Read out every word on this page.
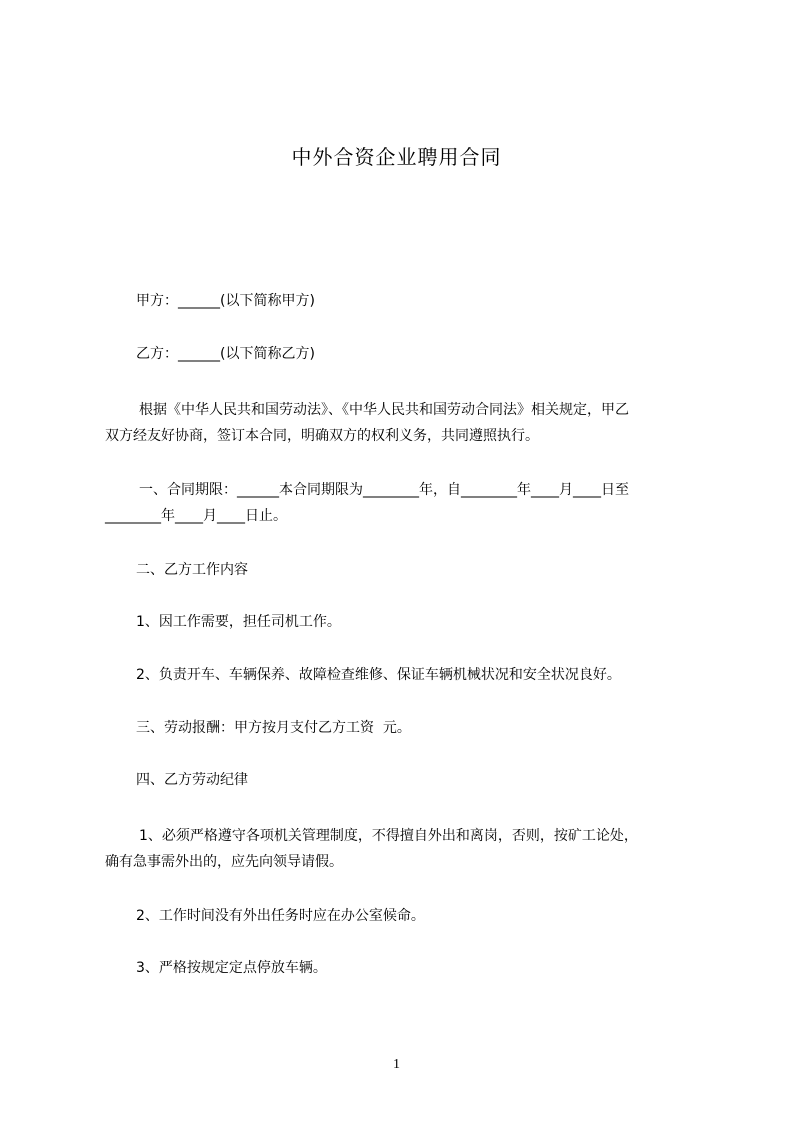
中外合资企业聘用合同
甲方：______(以下简称甲方)
乙方：______(以下简称乙方)
根据《中华人民共和国劳动法》、《中华人民共和国劳动合同法》相关规定，甲乙
双方经友好协商，签订本合同，明确双方的权利义务，共同遵照执行。
一、合同期限：______本合同期限为________年，自________年____月____日至
________年____月____日止。
二、乙方工作内容
1、因工作需要，担任司机工作。
2、负责开车、车辆保养、故障检查维修、保证车辆机械状况和安全状况良好。
三、劳动报酬：甲方按月支付乙方工资  元。
四、乙方劳动纪律
1、必须严格遵守各项机关管理制度，不得擅自外出和离岗，否则，按矿工论处，
确有急事需外出的，应先向领导请假。
2、工作时间没有外出任务时应在办公室候命。
3、严格按规定定点停放车辆。
1
